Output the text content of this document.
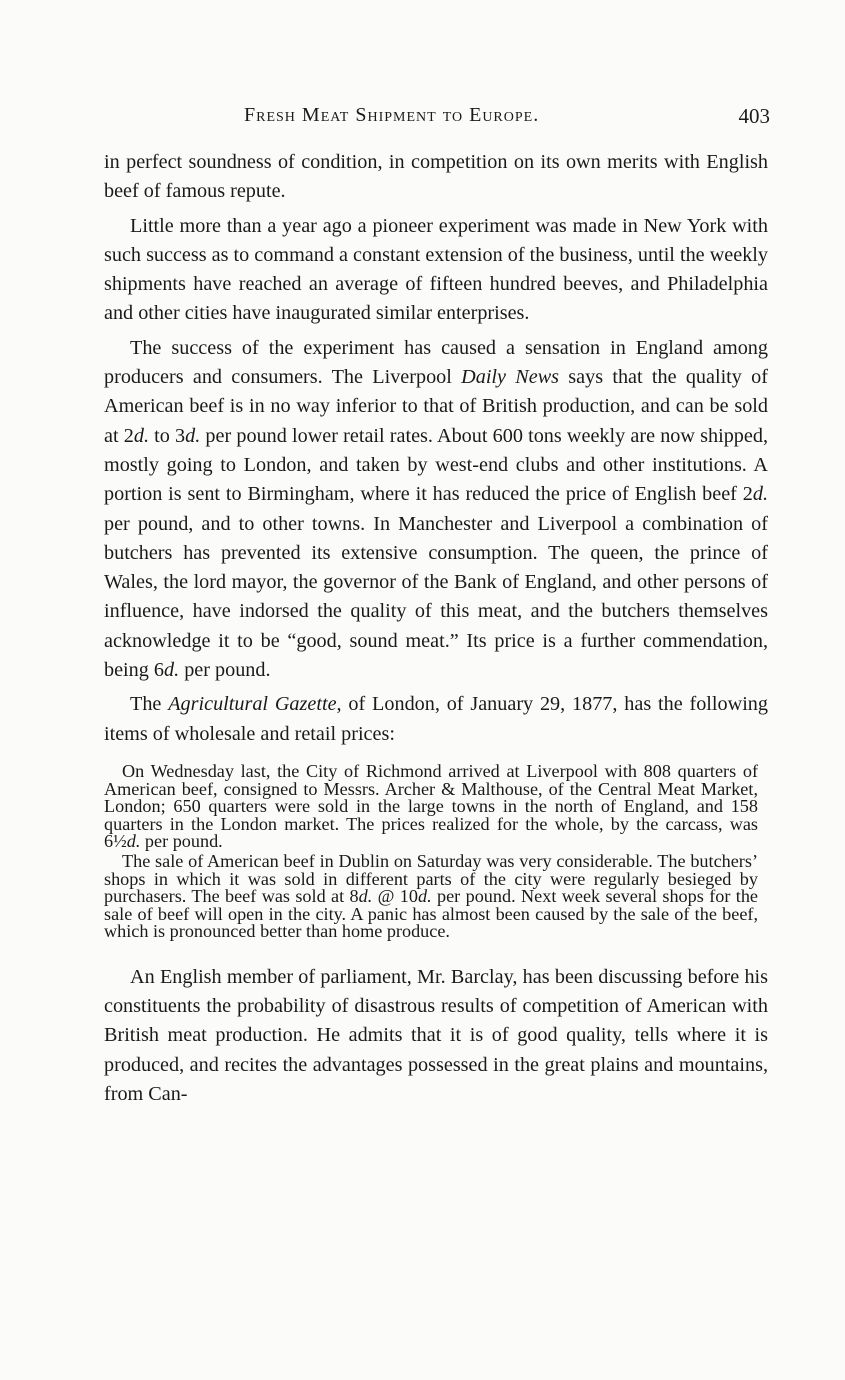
Fresh Meat Shipment to Europe.	403

in perfect soundness of condition, in competition on its own merits with English beef of famous repute.

Little more than a year ago a pioneer experiment was made in New York with such success as to command a constant extension of the business, until the weekly shipments have reached an average of fifteen hundred beeves, and Philadelphia and other cities have inaugurated similar enterprises.

The success of the experiment has caused a sensation in England among producers and consumers. The Liverpool Daily News says that the quality of American beef is in no way inferior to that of British production, and can be sold at 2d. to 3d. per pound lower retail rates. About 600 tons weekly are now shipped, mostly going to London, and taken by west-end clubs and other institutions. A portion is sent to Birmingham, where it has reduced the price of English beef 2d. per pound, and to other towns. In Manchester and Liverpool a combination of butchers has prevented its extensive consumption. The queen, the prince of Wales, the lord mayor, the governor of the Bank of England, and other persons of influence, have indorsed the quality of this meat, and the butchers themselves acknowledge it to be “good, sound meat.” Its price is a further commendation, being 6d. per pound.

The Agricultural Gazette, of London, of January 29, 1877, has the following items of wholesale and retail prices:

On Wednesday last, the City of Richmond arrived at Liverpool with 808 quarters of American beef, consigned to Messrs. Archer & Malthouse, of the Central Meat Market, London; 650 quarters were sold in the large towns in the north of England, and 158 quarters in the London market. The prices realized for the whole, by the carcass, was 6½d. per pound.

The sale of American beef in Dublin on Saturday was very considerable. The butchers’ shops in which it was sold in different parts of the city were regularly besieged by purchasers. The beef was sold at 8d. @ 10d. per pound. Next week several shops for the sale of beef will open in the city. A panic has almost been caused by the sale of the beef, which is pronounced better than home produce.

An English member of parliament, Mr. Barclay, has been discussing before his constituents the probability of disastrous results of competition of American with British meat production. He admits that it is of good quality, tells where it is produced, and recites the advantages possessed in the great plains and mountains, from Can-
